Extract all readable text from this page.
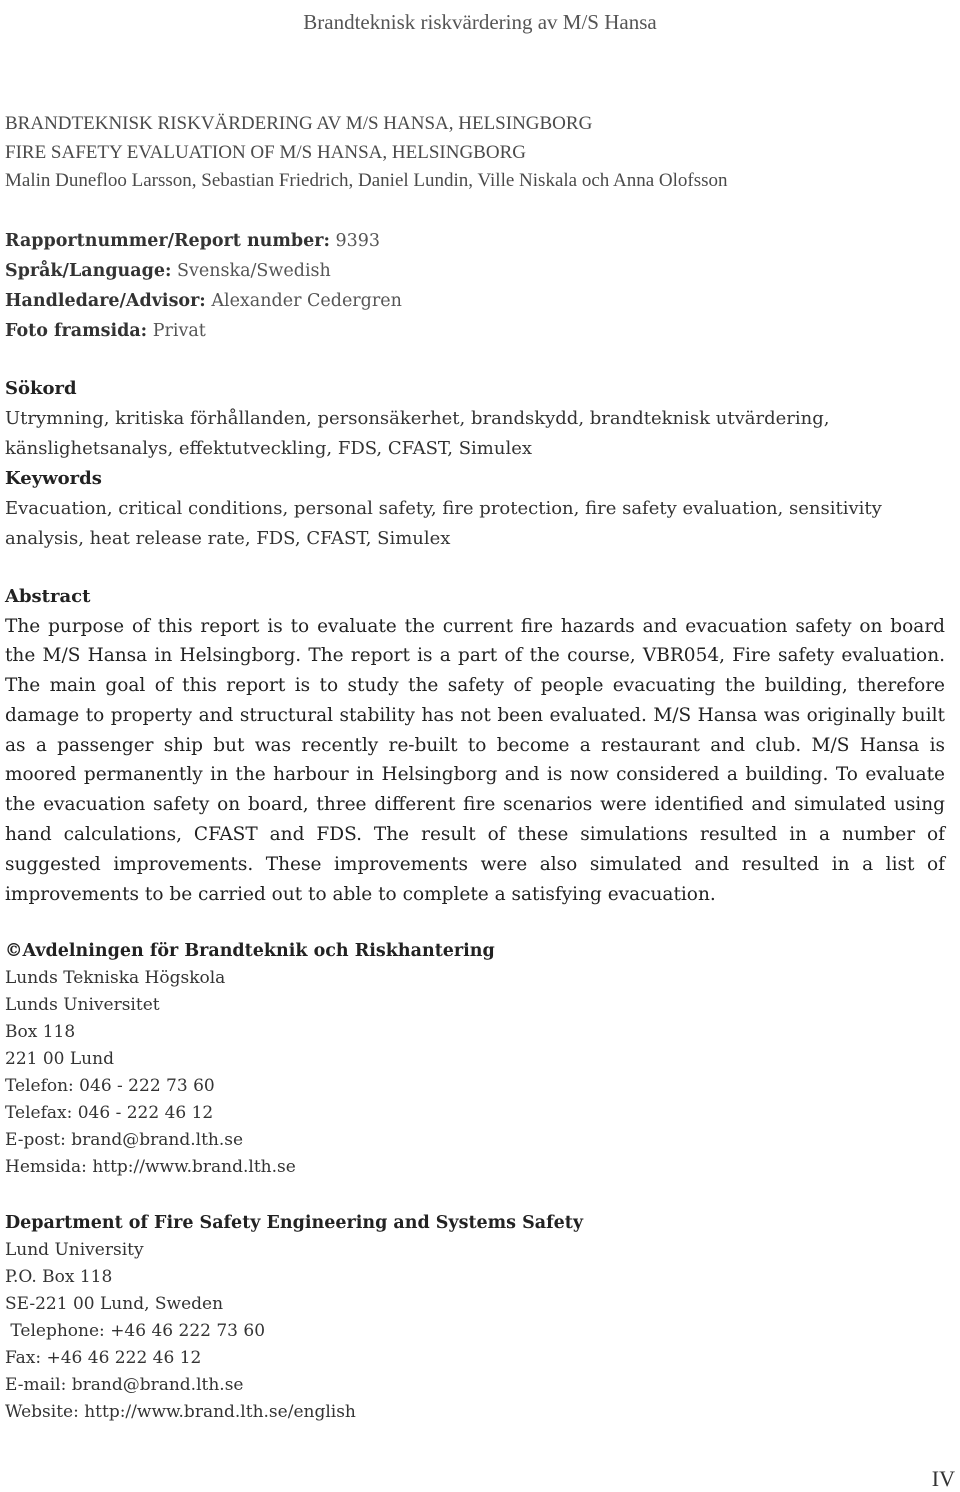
Brandteknisk riskvärdering av M/S Hansa
BRANDTEKNISK RISKVÄRDERING AV M/S HANSA, HELSINGBORG
FIRE SAFETY EVALUATION OF M/S HANSA, HELSINGBORG
Malin Dunefloo Larsson, Sebastian Friedrich, Daniel Lundin, Ville Niskala och Anna Olofsson
Rapportnummer/Report number: 9393
Språk/Language: Svenska/Swedish
Handledare/Advisor: Alexander Cedergren
Foto framsida: Privat
Sökord

Utrymning, kritiska förhållanden, personsäkerhet, brandskydd, brandteknisk utvärdering, känslighetsanalys, effektutveckling, FDS, CFAST, Simulex

Keywords

Evacuation, critical conditions, personal safety, fire protection, fire safety evaluation, sensitivity analysis, heat release rate, FDS, CFAST, Simulex

Abstract

The purpose of this report is to evaluate the current fire hazards and evacuation safety on board the M/S Hansa in Helsingborg. The report is a part of the course, VBR054, Fire safety evaluation. The main goal of this report is to study the safety of people evacuating the building, therefore damage to property and structural stability has not been evaluated. M/S Hansa was originally built as a passenger ship but was recently re-built to become a restaurant and club. M/S Hansa is moored permanently in the harbour in Helsingborg and is now considered a building. To evaluate the evacuation safety on board, three different fire scenarios were identified and simulated using hand calculations, CFAST and FDS. The result of these simulations resulted in a number of suggested improvements. These improvements were also simulated and resulted in a list of improvements to be carried out to able to complete a satisfying evacuation.

©Avdelningen för Brandteknik och Riskhantering
Lunds Tekniska Högskola
Lunds Universitet
Box 118
221 00 Lund
Telefon: 046 - 222 73 60
Telefax: 046 - 222 46 12
E-post: brand@brand.lth.se
Hemsida: http://www.brand.lth.se
Department of Fire Safety Engineering and Systems Safety
Lund University
P.O. Box 118
SE-221 00 Lund, Sweden
Telephone: +46 46 222 73 60
Fax: +46 46 222 46 12
E-mail: brand@brand.lth.se
Website: http://www.brand.lth.se/english
IV
